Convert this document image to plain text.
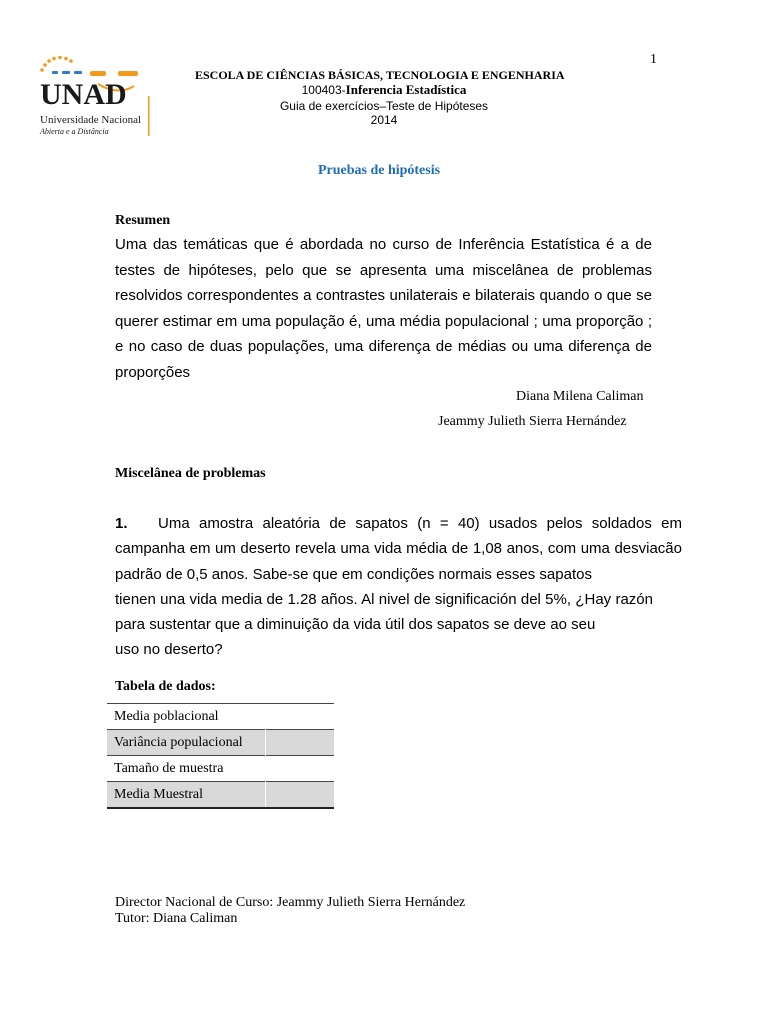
1
UNAD
Universidade Nacional
Abierta e a Distância
ESCOLA DE CIÊNCIAS BÁSICAS, TECNOLOGIA E ENGENHARIA
100403-Inferencia Estadística
Guia de exercícios–Teste de Hipóteses
2014
Pruebas de hipótesis
Resumen
Uma das temáticas que é abordada no curso de Inferência Estatística é a de
testes de hipóteses, pelo que se apresenta uma miscelânea de problemas
resolvidos correspondentes a contrastes unilaterais e bilaterais quando o que se
querer estimar em uma população é, uma média populacional ; uma proporção ;
e no caso de duas populações, uma diferença de médias ou uma diferença de
proporções
Diana Milena Caliman
Jeammy Julieth Sierra Hernández
Miscelânea de problemas
1. Uma amostra aleatória de sapatos (n = 40) usados pelos soldados em
campanha em um deserto revela uma vida média de 1,08 anos, com uma desviacão
padrão de 0,5 anos. Sabe-se que em condições normais esses sapatos
tienen una vida media de 1.28 años. Al nivel de significación del 5%, ¿Hay razón
para sustentar que a diminuição da vida útil dos sapatos se deve ao seu
uso no deserto?
Tabela de dados:
Media poblacional	
Variância populacional	
Tamaño de muestra	
Media Muestral	
Director Nacional de Curso: Jeammy Julieth Sierra Hernández
Tutor: Diana Caliman
